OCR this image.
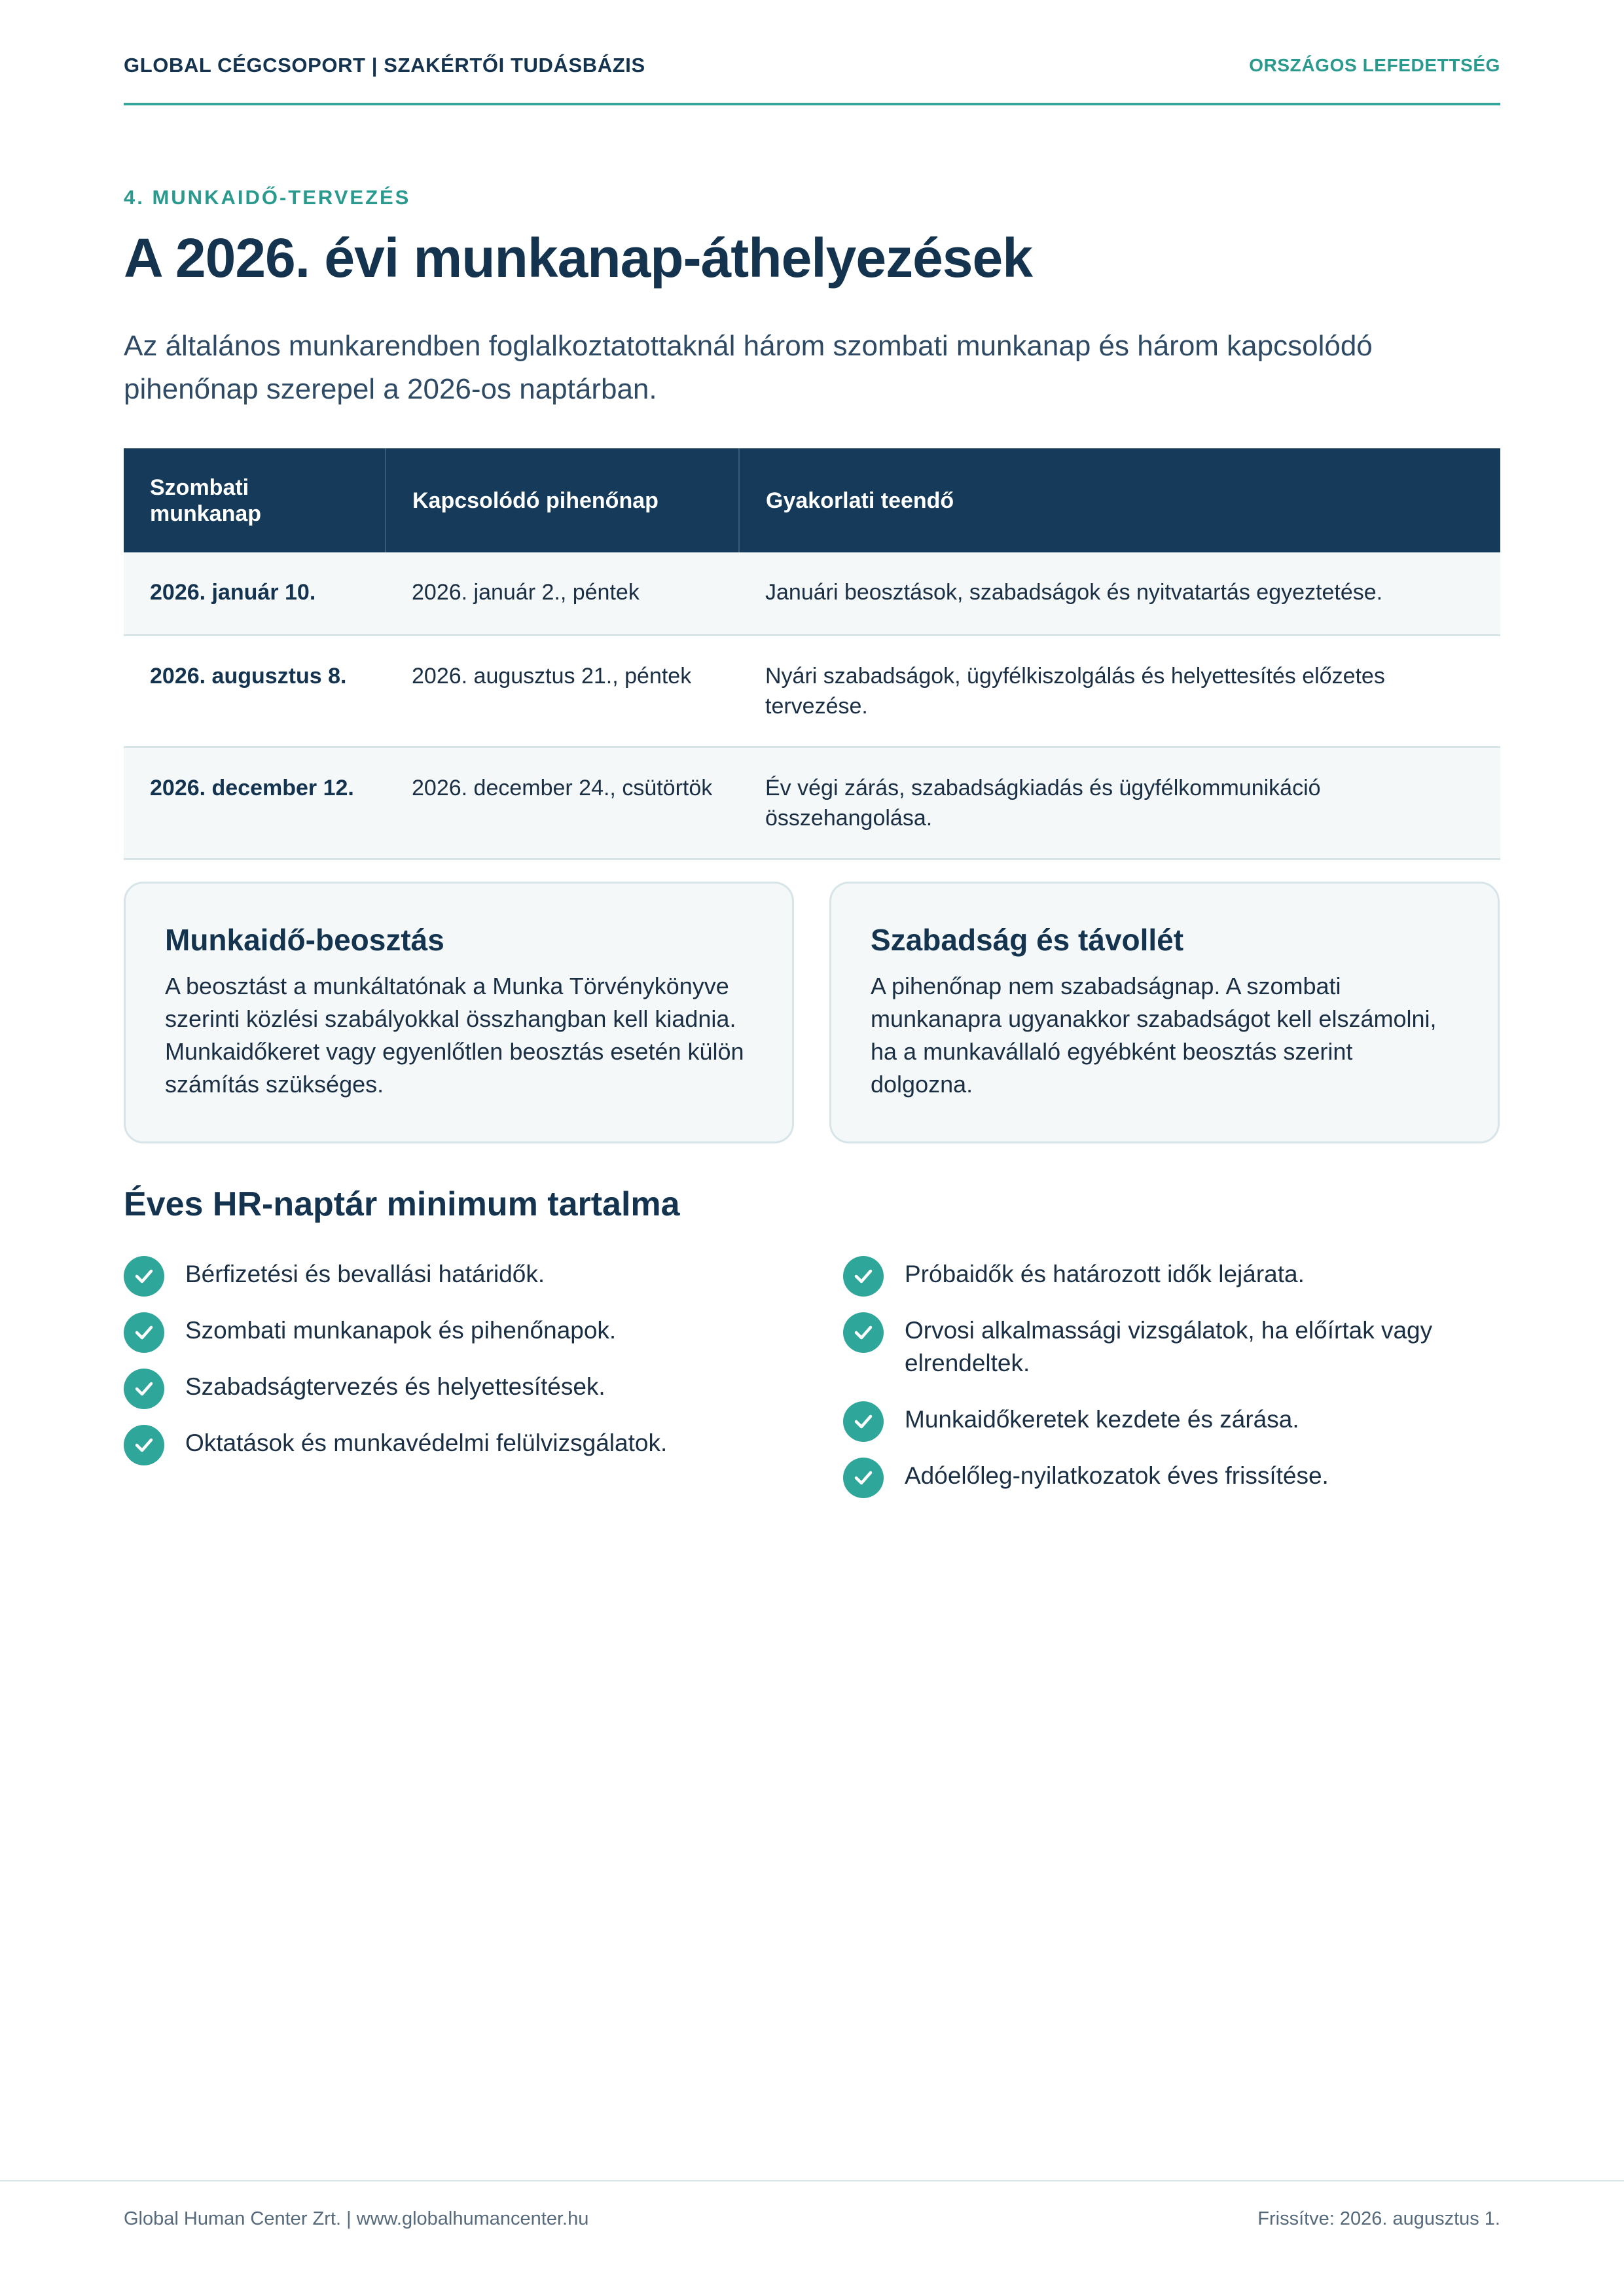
GLOBAL CÉGCSOPORT | SZAKÉRTŐI TUDÁSBÁZIS	ORSZÁGOS LEFEDETTSÉG
4. MUNKAIDŐ-TERVEZÉS
A 2026. évi munkanap-áthelyezések

Az általános munkarendben foglalkoztatottaknál három szombati munkanap és három kapcsolódó pihenőnap szerepel a 2026-os naptárban.

Szombati munkanap	Kapcsolódó pihenőnap	Gyakorlati teendő
2026. január 10.	2026. január 2., péntek	Januári beosztások, szabadságok és nyitvatartás egyeztetése.
2026. augusztus 8.	2026. augusztus 21., péntek	Nyári szabadságok, ügyfélkiszolgálás és helyettesítés előzetes tervezése.
2026. december 12.	2026. december 24., csütörtök	Év végi zárás, szabadságkiadás és ügyfélkommunikáció összehangolása.
Munkaidő-beosztás

A beosztást a munkáltatónak a Munka Törvénykönyve szerinti közlési szabályokkal összhangban kell kiadnia. Munkaidőkeret vagy egyenlőtlen beosztás esetén külön számítás szükséges.

Szabadság és távollét

A pihenőnap nem szabadságnap. A szombati munkanapra ugyanakkor szabadságot kell elszámolni, ha a munkavállaló egyébként beosztás szerint dolgozna.

Éves HR-naptár minimum tartalma
Bérfizetési és bevallási határidők.
Szombati munkanapok és pihenőnapok.
Szabadságtervezés és helyettesítések.
Oktatások és munkavédelmi felülvizsgálatok.
Próbaidők és határozott idők lejárata.
Orvosi alkalmassági vizsgálatok, ha előírtak vagy elrendeltek.
Munkaidőkeretek kezdete és zárása.
Adóelőleg-nyilatkozatok éves frissítése.
Global Human Center Zrt. | www.globalhumancenter.hu	Frissítve: 2026. augusztus 1.
